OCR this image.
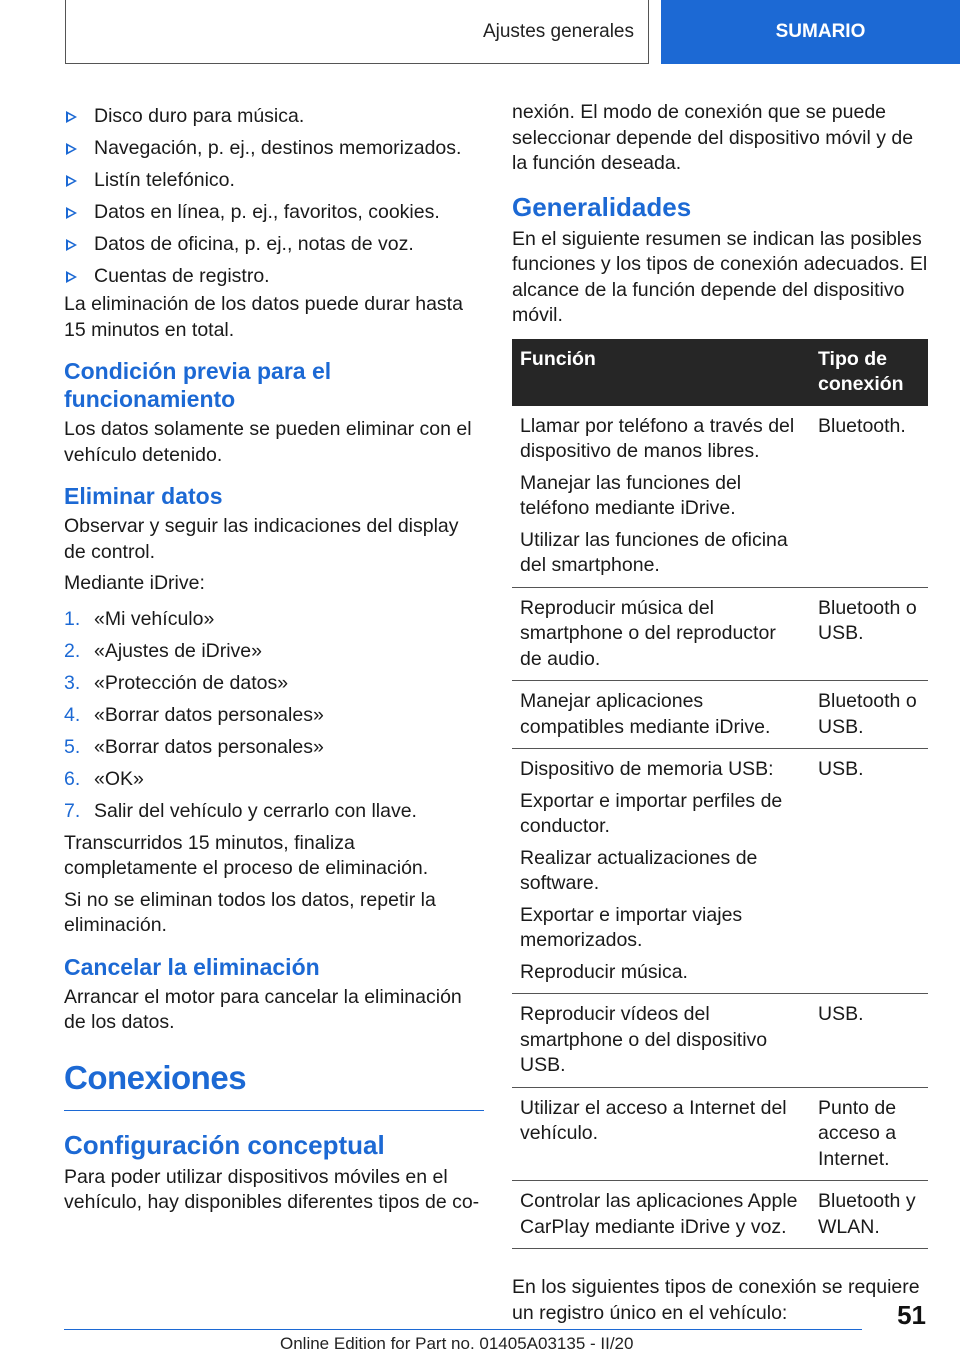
Ajustes generales	SUMARIO
Disco duro para música.
Navegación, p. ej., destinos memorizados.
Listín telefónico.
Datos en línea, p. ej., favoritos, cookies.
Datos de oficina, p. ej., notas de voz.
Cuentas de registro.

La eliminación de los datos puede durar hasta 15 minutos en total.

Condición previa para el funcionamiento

Los datos solamente se pueden eliminar con el vehículo detenido.

Eliminar datos

Observar y seguir las indicaciones del display de control.

Mediante iDrive:

1. «Mi vehículo»
2. «Ajustes de iDrive»
3. «Protección de datos»
4. «Borrar datos personales»
5. «Borrar datos personales»
6. «OK»
7. Salir del vehículo y cerrarlo con llave.

Transcurridos 15 minutos, finaliza completamente el proceso de eliminación.

Si no se eliminan todos los datos, repetir la eliminación.

Cancelar la eliminación

Arrancar el motor para cancelar la eliminación de los datos.

Conexiones
Configuración conceptual

Para poder utilizar dispositivos móviles en el vehículo, hay disponibles diferentes tipos de co-

nexión. El modo de conexión que se puede seleccionar depende del dispositivo móvil y de la función deseada.

Generalidades

En el siguiente resumen se indican las posibles funciones y los tipos de conexión adecuados. El alcance de la función depende del dispositivo móvil.

Función	Tipo de conexión

Llamar por teléfono a través del dispositivo de manos libres.
Manejar las funciones del teléfono mediante iDrive.
Utilizar las funciones de oficina del smartphone.	Bluetooth.

Reproducir música del smartphone o del reproductor de audio.	Bluetooth o USB.

Manejar aplicaciones compatibles mediante iDrive.	Bluetooth o USB.

Dispositivo de memoria USB:
Exportar e importar perfiles de conductor.
Realizar actualizaciones de software.
Exportar e importar viajes memorizados.
Reproducir música.	USB.

Reproducir vídeos del smartphone o del dispositivo USB.	USB.

Utilizar el acceso a Internet del vehículo.	Punto de acceso a Internet.

Controlar las aplicaciones Apple CarPlay mediante iDrive y voz.	Bluetooth y WLAN.

En los siguientes tipos de conexión se requiere un registro único en el vehículo:	51
Online Edition for Part no. 01405A03135 - II/20
